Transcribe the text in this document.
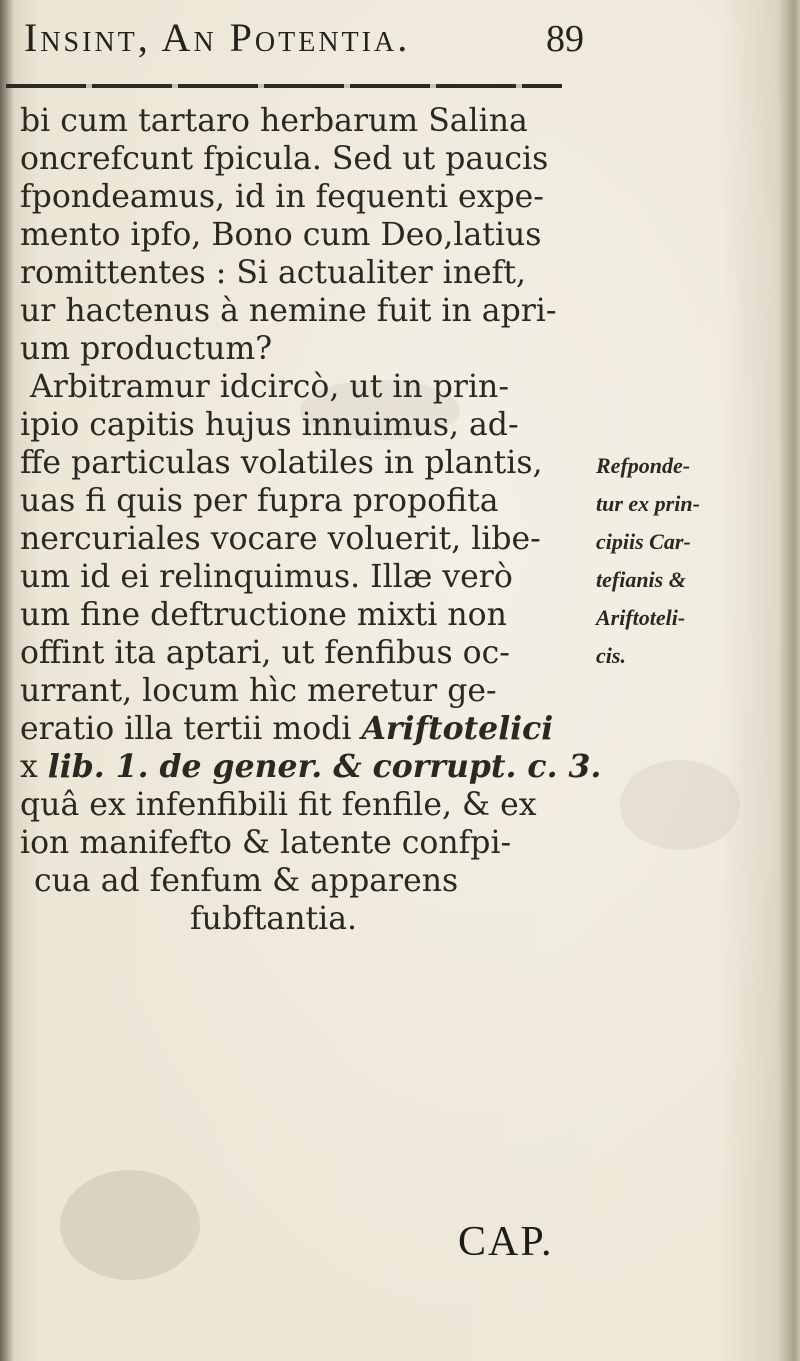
Insint, An Potentia.	89
bi cum tartaro herbarum Salina
oncrefcunt fpicula. Sed ut paucis
fpondeamus, id in fequenti expe-
mento ipfo, Bono cum Deo,latius
romittentes : Si actualiter ineft,
ur hactenus à nemine fuit in apri-
um productum?
Arbitramur idcircò, ut in prin-
ipio capitis hujus innuimus, ad-
ffe particulas volatiles in plantis,
uas fi quis per fupra propofita
nercuriales vocare voluerit, libe-
um id ei relinquimus. Illæ verò
um fine deftructione mixti non
offint ita aptari, ut fenfibus oc-
urrant, locum hìc meretur ge-
eratio illa tertii modi Ariftotelici
x lib. 1. de gener. & corrupt. c. 3.
quâ ex infenfibili fit fenfile, & ex
ion manifefto & latente confpi-
cua ad fenfum & apparens
fubftantia.
Refponde-
tur ex prin-
cipiis Car-
tefianis &
Ariftoteli-
cis.
CAP.
